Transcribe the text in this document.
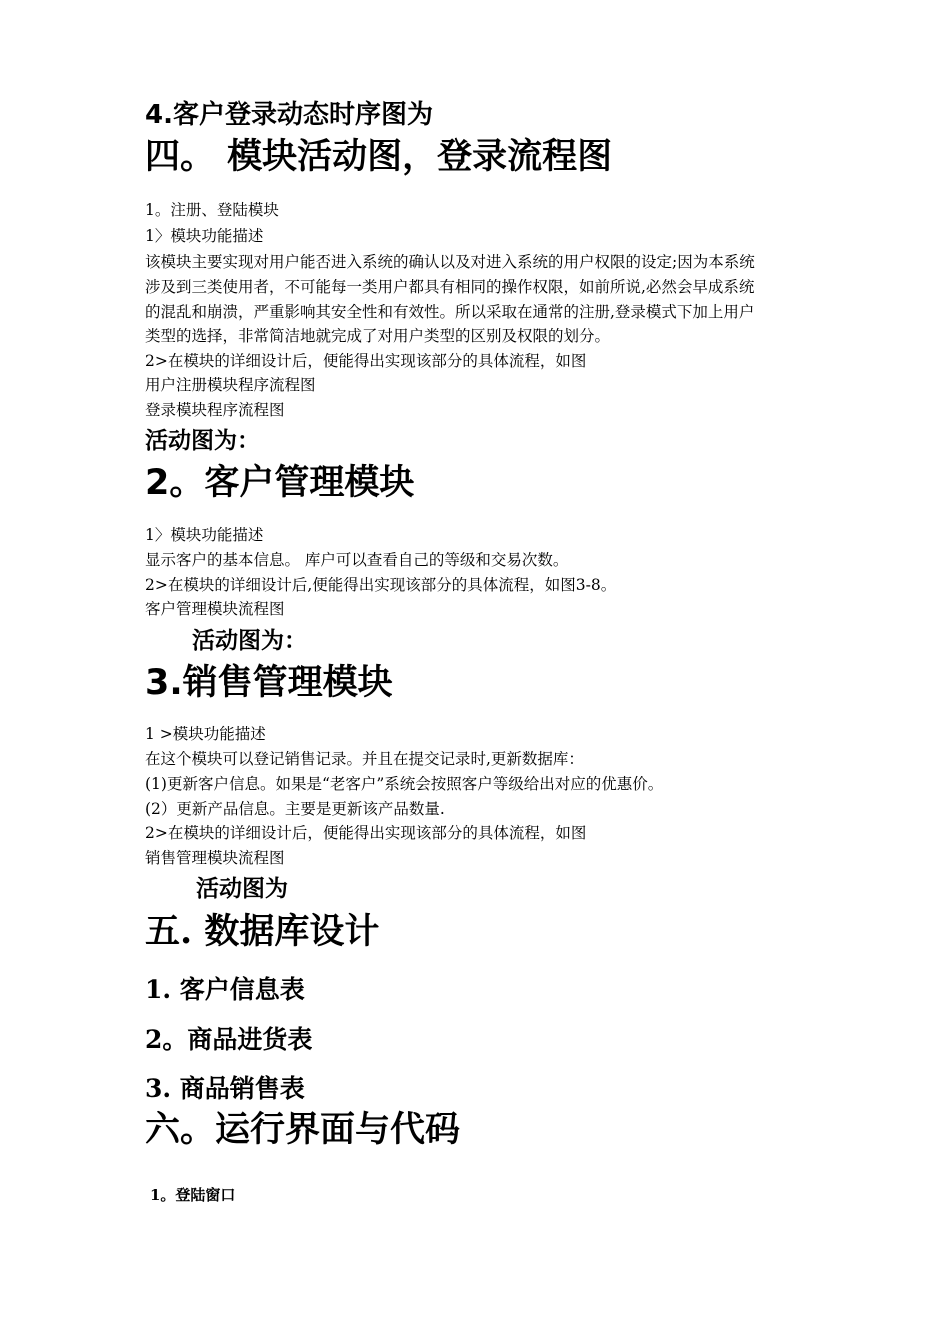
4.客户登录动态时序图为
四。 模块活动图，登录流程图
1。注册、登陆模块
1〉模块功能描述
该模块主要实现对用户能否进入系统的确认以及对进入系统的用户权限的设定;因为本系统
涉及到三类使用者，不可能每一类用户都具有相同的操作权限，如前所说,必然会早成系统
的混乱和崩溃，严重影响其安全性和有效性。所以采取在通常的注册,登录模式下加上用户
类型的选择，非常简洁地就完成了对用户类型的区别及权限的划分。
2>在模块的详细设计后，便能得出实现该部分的具体流程，如图
用户注册模块程序流程图
登录模块程序流程图
活动图为：
2。客户管理模块
1〉模块功能描述
显示客户的基本信息。 库户可以查看自己的等级和交易次数。
2>在模块的详细设计后,便能得出实现该部分的具体流程，如图3-8。
客户管理模块流程图
活动图为：
3.销售管理模块
1 >模块功能描述
在这个模块可以登记销售记录。并且在提交记录时,更新数据库：
(1)更新客户信息。如果是“老客户”系统会按照客户等级给出对应的优惠价。
(2）更新产品信息。主要是更新该产品数量.
2>在模块的详细设计后，便能得出实现该部分的具体流程，如图
销售管理模块流程图
活动图为
五. 数据库设计
1. 客户信息表
2。商品进货表
3. 商品销售表
六。运行界面与代码
1。登陆窗口
